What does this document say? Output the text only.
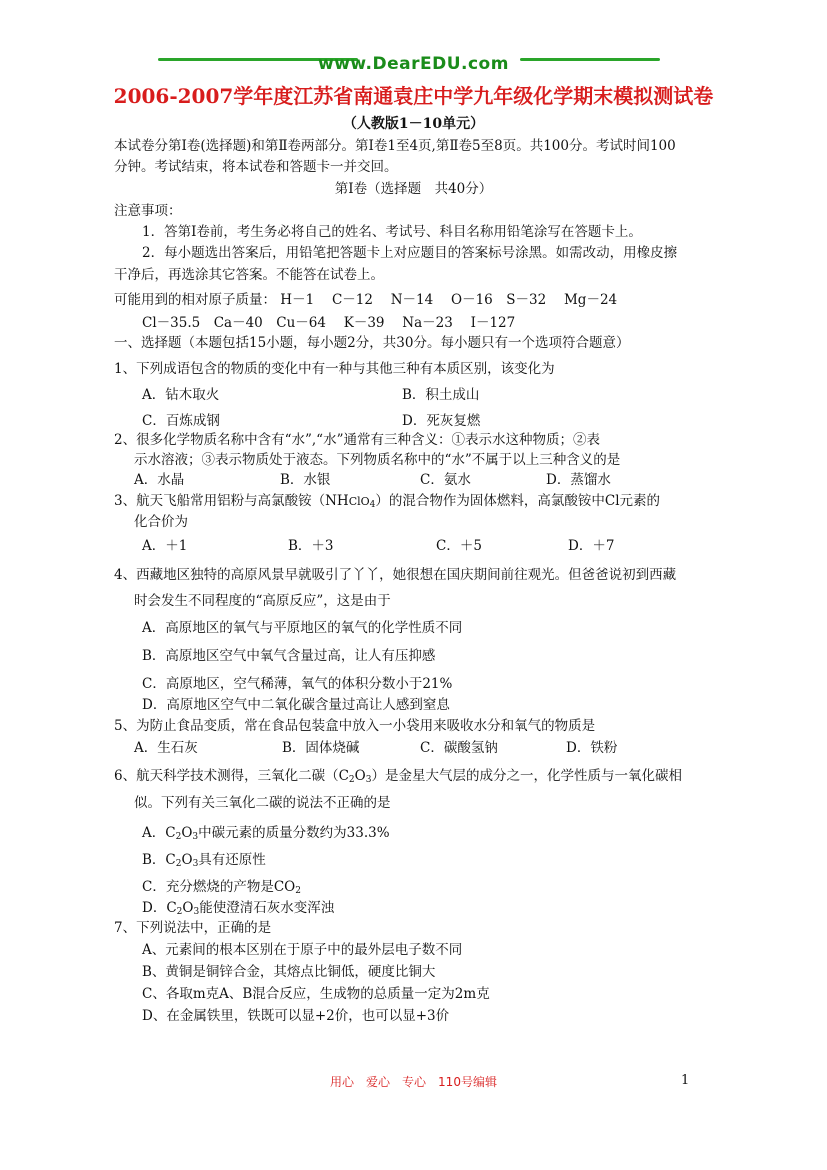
www.DearEDU.com
2006-2007学年度江苏省南通袁庄中学九年级化学期末模拟测试卷
（人教版1－10单元）
本试卷分第Ⅰ卷(选择题)和第Ⅱ卷两部分。第Ⅰ卷1至4页,第Ⅱ卷5至8页。共100分。考试时间100
分钟。考试结束，将本试卷和答题卡一并交回。
第Ⅰ卷（选择题　共40分）
注意事项：
1．答第Ⅰ卷前，考生务必将自己的姓名、考试号、科目名称用铅笔涂写在答题卡上。
2．每小题选出答案后，用铅笔把答题卡上对应题目的答案标号涂黑。如需改动，用橡皮擦
干净后，再选涂其它答案。不能答在试卷上。
可能用到的相对原子质量： H－1　 C－12　 N－14　 O－16　S－32　 Mg－24
Cl－35.5　Ca－40　Cu－64　 K－39　 Na－23　 I－127
一、选择题（本题包括15小题，每小题2分，共30分。每小题只有一个选项符合题意）
1、下列成语包含的物质的变化中有一种与其他三种有本质区别，该变化为
A．钻木取火	B．积土成山
C．百炼成钢	D．死灰复燃
2、很多化学物质名称中含有“水”,“水”通常有三种含义：①表示水这种物质；②表
示水溶液；③表示物质处于液态。下列物质名称中的“水”不属于以上三种含义的是
A．水晶	B．水银	C．氨水	D．蒸馏水
3、航天飞船常用铝粉与高氯酸铵（NHClO$_4$）的混合物作为固体燃料，高氯酸铵中Cl元素的
化合价为
A．＋1	B．＋3	C．＋5	D．＋7
4、西藏地区独特的高原风景早就吸引了丫丫，她很想在国庆期间前往观光。但爸爸说初到西藏
时会发生不同程度的“高原反应”，这是由于
A．高原地区的氧气与平原地区的氧气的化学性质不同
B．高原地区空气中氧气含量过高，让人有压抑感
C．高原地区，空气稀薄，氧气的体积分数小于21%
D．高原地区空气中二氧化碳含量过高让人感到窒息
5、为防止食品变质，常在食品包装盒中放入一小袋用来吸收水分和氧气的物质是
A．生石灰	B．固体烧碱	C．碳酸氢钠	D．铁粉
6、航天科学技术测得，三氧化二碳$(C_2O_3)$是金星大气层的成分之一，化学性质与一氧化碳相
似。下列有关三氧化二碳的说法不正确的是
A．$C_2O_3$中碳元素的质量分数约为33.3%
B．$C_2O_3$具有还原性
C．充分燃烧的产物是$CO_2$
D．$C_2O_3$能使澄清石灰水变浑浊
7、下列说法中，正确的是
A、元素间的根本区别在于原子中的最外层电子数不同
B、黄铜是铜锌合金，其熔点比铜低，硬度比铜大
C、各取m克A、B混合反应，生成物的总质量一定为2m克
D、在金属铁里，铁既可以显+2价，也可以显+3价
用心　爱心　专心　110号编辑	1
